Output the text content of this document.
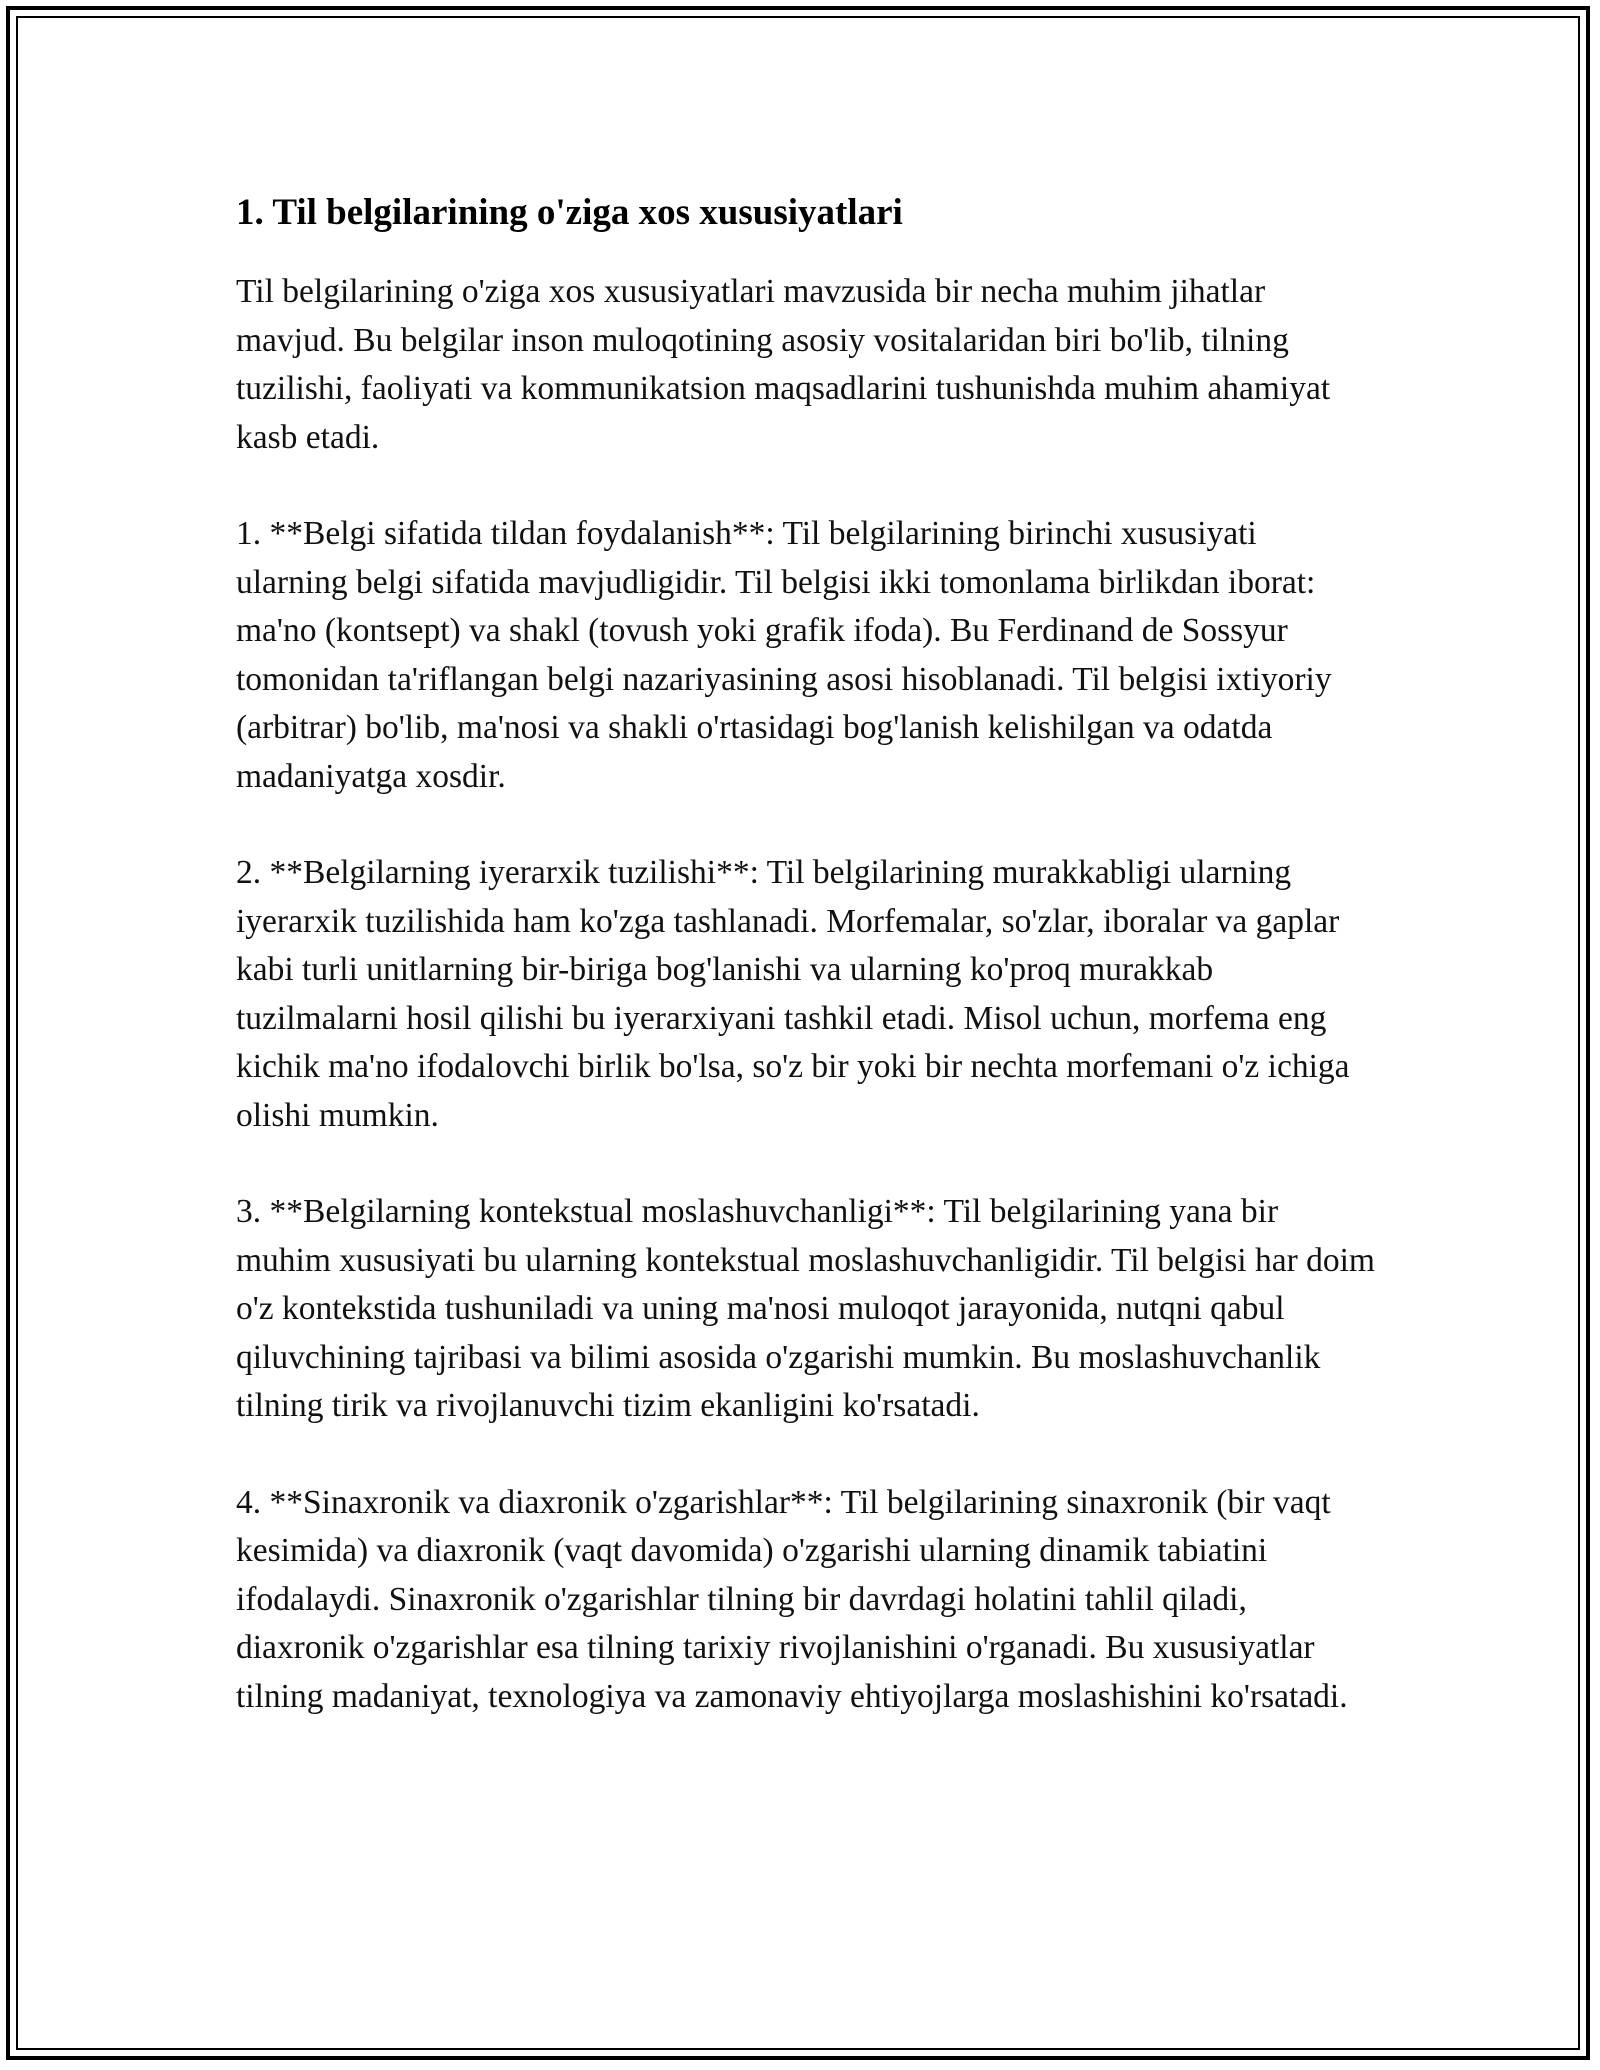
1. Til belgilarining o'ziga xos xususiyatlari

Til belgilarining o'ziga xos xususiyatlari mavzusida bir necha muhim jihatlar mavjud. Bu belgilar inson muloqotining asosiy vositalaridan biri bo'lib, tilning tuzilishi, faoliyati va kommunikatsion maqsadlarini tushunishda muhim ahamiyat kasb etadi.

1. **Belgi sifatida tildan foydalanish**: Til belgilarining birinchi xususiyati ularning belgi sifatida mavjudligidir. Til belgisi ikki tomonlama birlikdan iborat: ma'no (kontsept) va shakl (tovush yoki grafik ifoda). Bu Ferdinand de Sossyur tomonidan ta'riflangan belgi nazariyasining asosi hisoblanadi. Til belgisi ixtiyoriy (arbitrar) bo'lib, ma'nosi va shakli o'rtasidagi bog'lanish kelishilgan va odatda madaniyatga xosdir.

2. **Belgilarning iyerarxik tuzilishi**: Til belgilarining murakkabligi ularning iyerarxik tuzilishida ham ko'zga tashlanadi. Morfemalar, so'zlar, iboralar va gaplar kabi turli unitlarning bir-biriga bog'lanishi va ularning ko'proq murakkab tuzilmalarni hosil qilishi bu iyerarxiyani tashkil etadi. Misol uchun, morfema eng kichik ma'no ifodalovchi birlik bo'lsa, so'z bir yoki bir nechta morfemani o'z ichiga olishi mumkin.

3. **Belgilarning kontekstual moslashuvchanligi**: Til belgilarining yana bir muhim xususiyati bu ularning kontekstual moslashuvchanligidir. Til belgisi har doim o'z kontekstida tushuniladi va uning ma'nosi muloqot jarayonida, nutqni qabul qiluvchining tajribasi va bilimi asosida o'zgarishi mumkin. Bu moslashuvchanlik tilning tirik va rivojlanuvchi tizim ekanligini ko'rsatadi.

4. **Sinaxronik va diaxronik o'zgarishlar**: Til belgilarining sinaxronik (bir vaqt kesimida) va diaxronik (vaqt davomida) o'zgarishi ularning dinamik tabiatini ifodalaydi. Sinaxronik o'zgarishlar tilning bir davrdagi holatini tahlil qiladi, diaxronik o'zgarishlar esa tilning tarixiy rivojlanishini o'rganadi. Bu xususiyatlar tilning madaniyat, texnologiya va zamonaviy ehtiyojlarga moslashishini ko'rsatadi.
